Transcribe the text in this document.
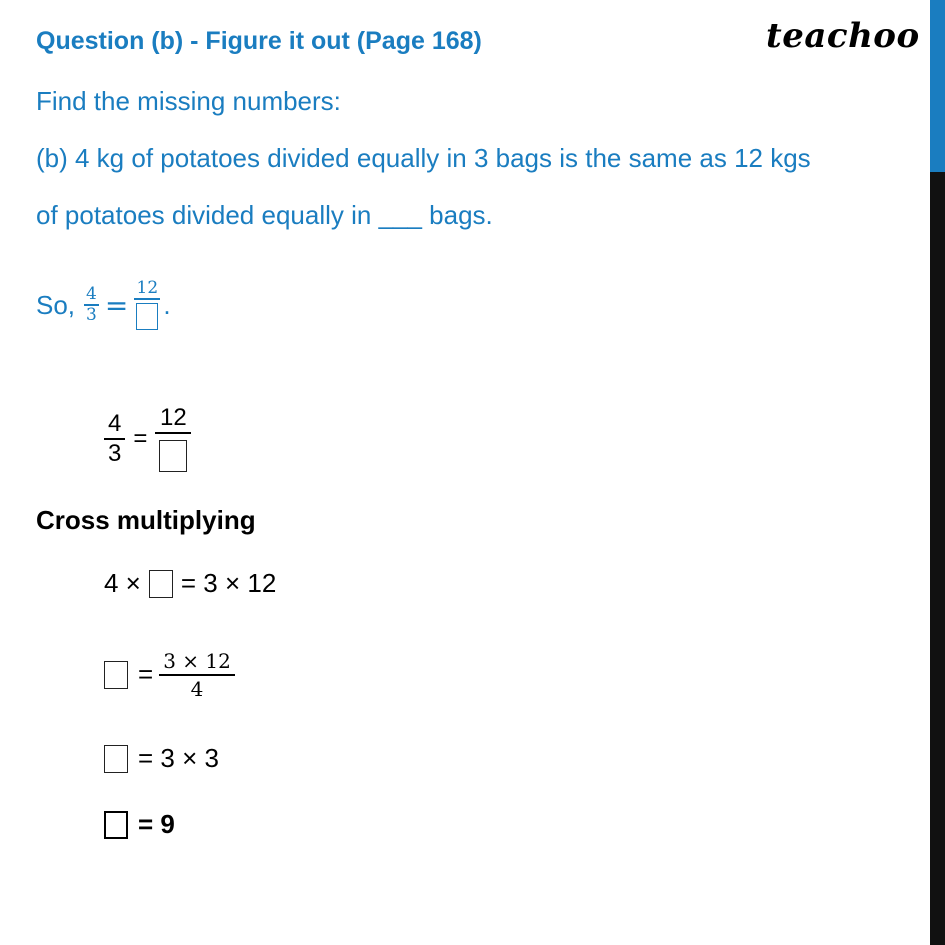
teachoo
Question (b) - Figure it out (Page 168)
Find the missing numbers:
(b) 4 kg of potatoes divided equally in 3 bags is the same as 12 kgs
of potatoes divided equally in ___ bags.
So, $\frac{4}{3}$ =
12
.
$\frac{4}{3}$ =
12
Cross multiplying
4 × = 3 × 12
= $\frac{3 \times 12}{4}$
= 3 × 3
= 9
